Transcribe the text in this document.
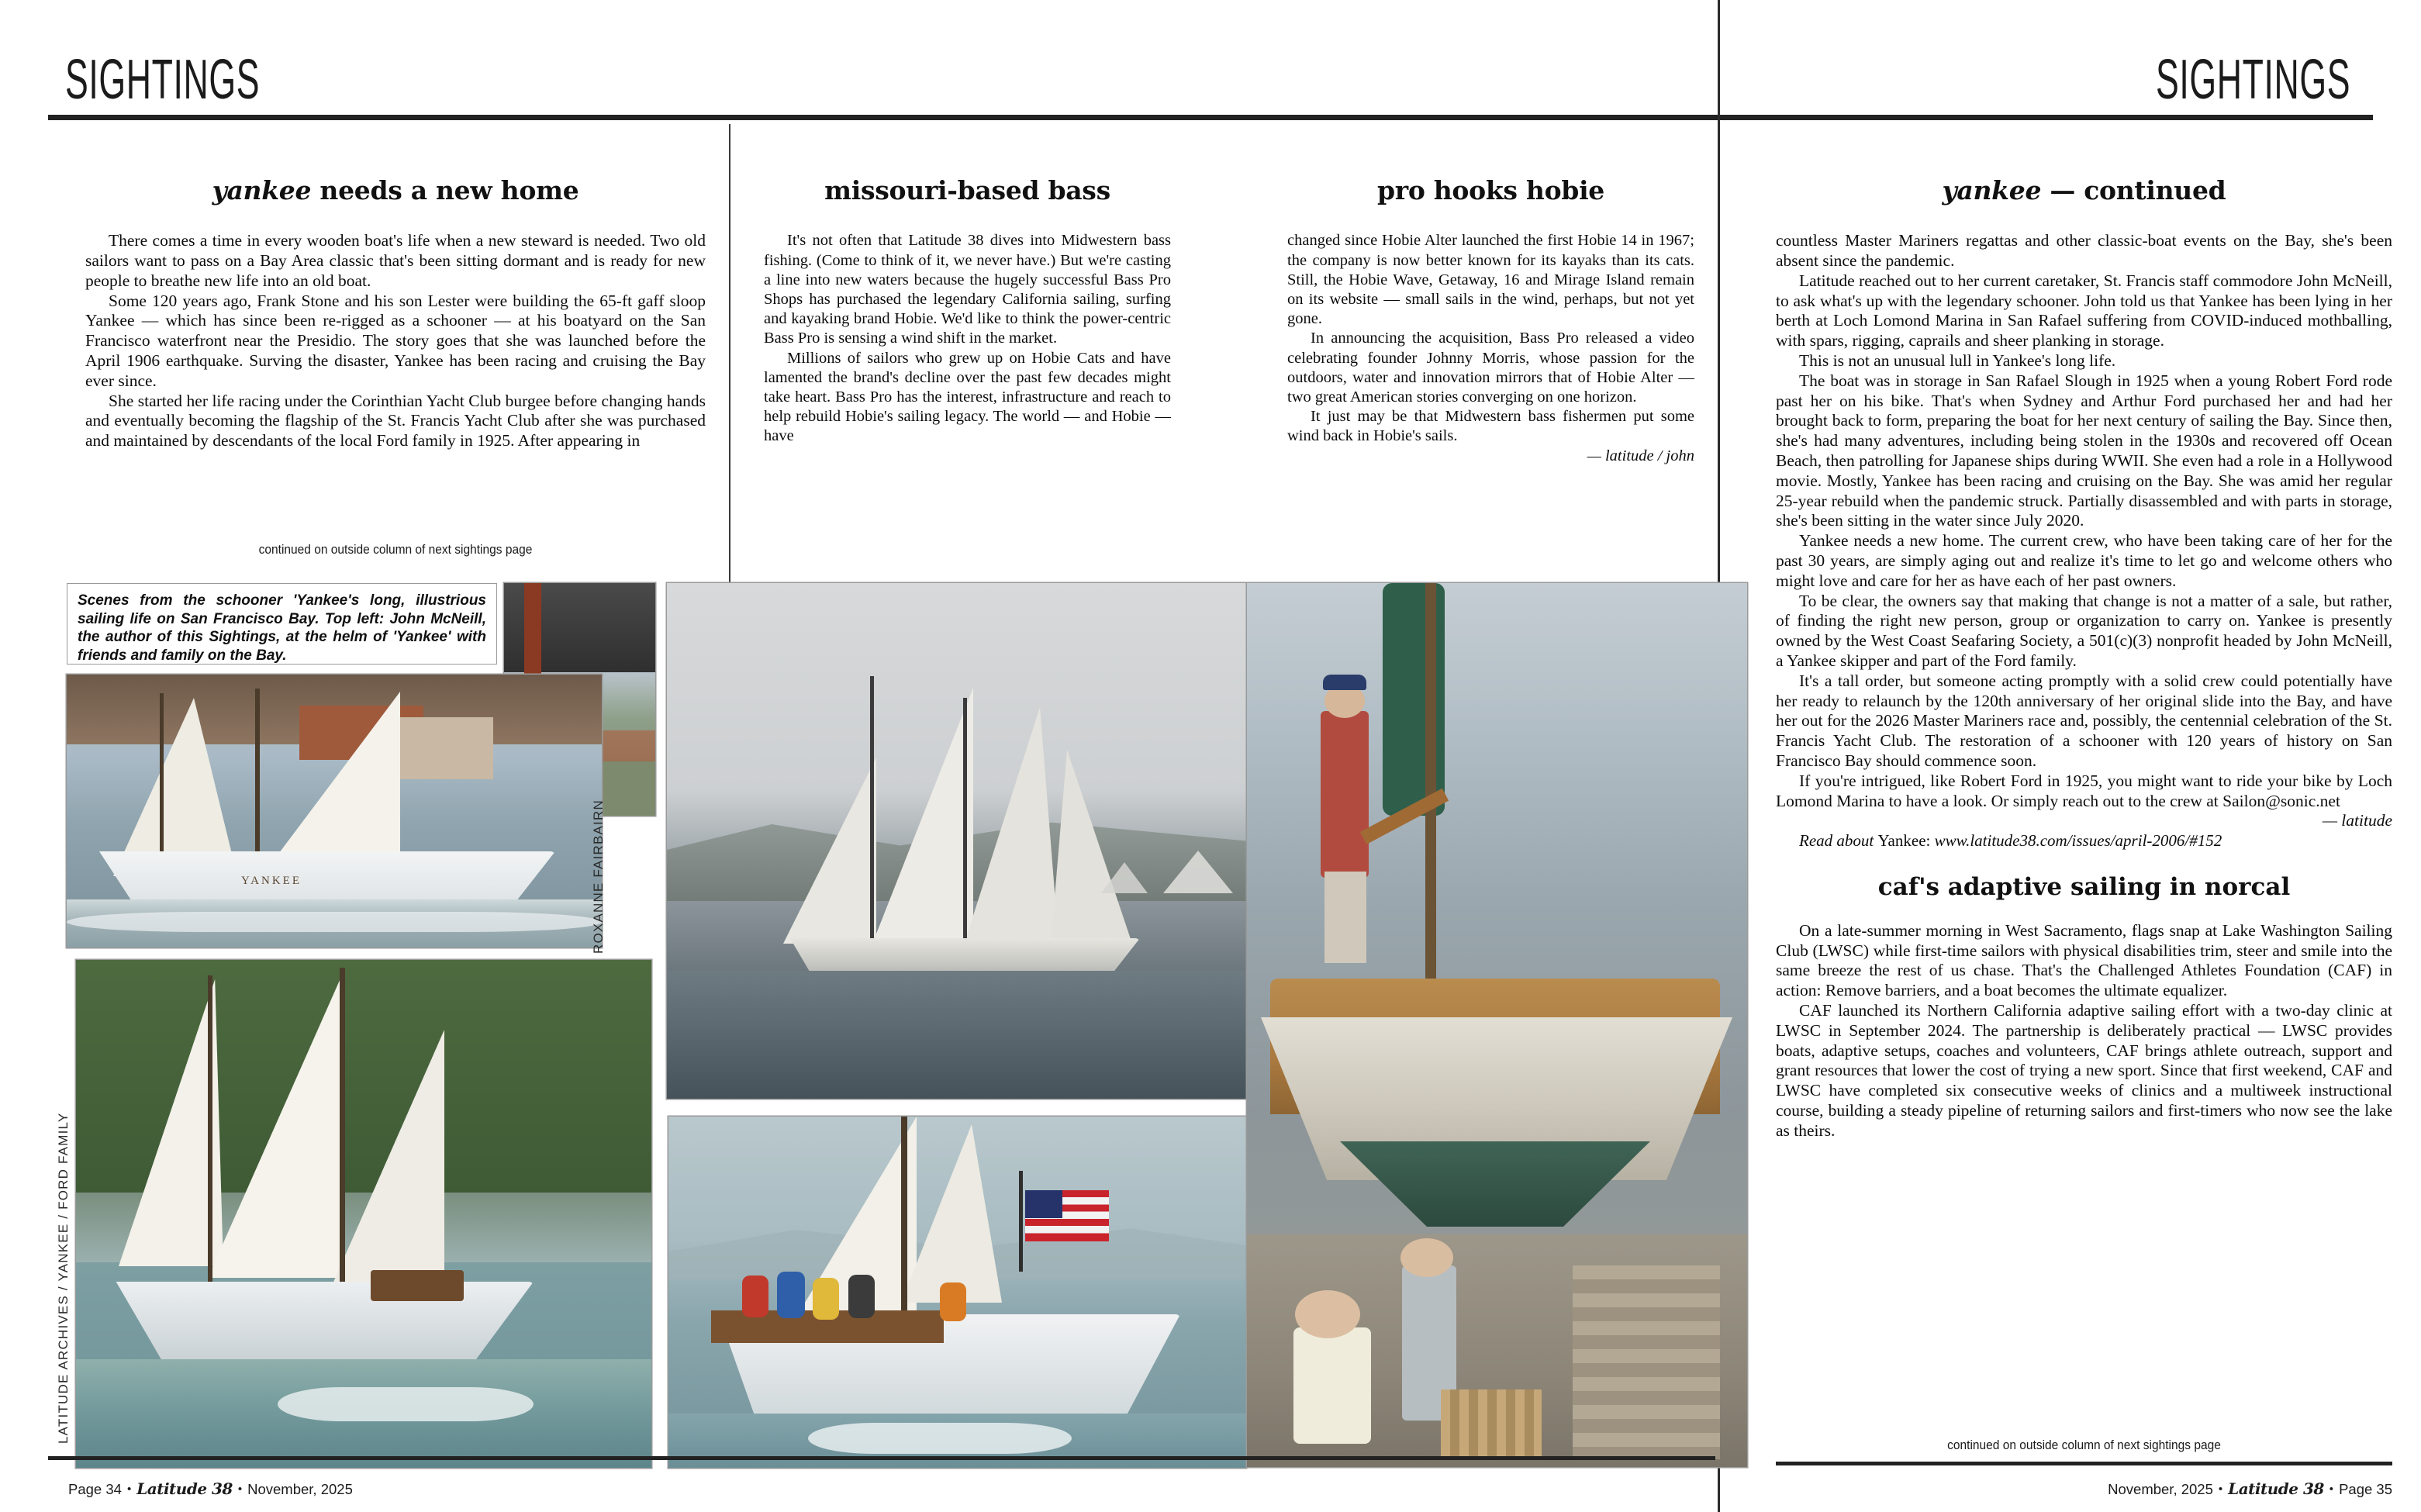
SIGHTINGS	SIGHTINGS
yankee needs a new home

There comes a time in every wooden boat's life when a new steward is needed. Two old sailors want to pass on a Bay Area classic that's been sitting dormant and is ready for new people to breathe new life into an old boat.

Some 120 years ago, Frank Stone and his son Lester were building the 65-ft gaff sloop Yankee — which has since been re-rigged as a schooner — at his boatyard on the San Francisco waterfront near the Presidio. The story goes that she was launched before the April 1906 earthquake. Surving the disaster, Yankee has been racing and cruising the Bay ever since.

She started her life racing under the Corinthian Yacht Club burgee before changing hands and eventually becoming the flagship of the St. Francis Yacht Club after she was purchased and maintained by descendants of the local Ford family in 1925. After appearing in

continued on outside column of next sightings page
missouri-based bass

It's not often that Latitude 38 dives into Midwestern bass fishing. (Come to think of it, we never have.) But we're casting a line into new waters because the hugely successful Bass Pro Shops has purchased the legendary California sailing, surfing and kayaking brand Hobie. We'd like to think the power-centric Bass Pro is sensing a wind shift in the market.

Millions of sailors who grew up on Hobie Cats and have lamented the brand's decline over the past few decades might take heart. Bass Pro has the interest, infrastructure and reach to help rebuild Hobie's sailing legacy. The world — and Hobie — have

pro hooks hobie

changed since Hobie Alter launched the first Hobie 14 in 1967; the company is now better known for its kayaks than its cats. Still, the Hobie Wave, Getaway, 16 and Mirage Island remain on its website — small sails in the wind, perhaps, but not yet gone.

In announcing the acquisition, Bass Pro released a video celebrating founder Johnny Morris, whose passion for the outdoors, water and innovation mirrors that of Hobie Alter — two great American stories converging on one horizon.

It just may be that Midwestern bass fishermen put some wind back in Hobie's sails.

— latitude / john

yankee — continued

countless Master Mariners regattas and other classic-boat events on the Bay, she's been absent since the pandemic.

Latitude reached out to her current caretaker, St. Francis staff commodore John McNeill, to ask what's up with the legendary schooner. John told us that Yankee has been lying in her berth at Loch Lomond Marina in San Rafael suffering from COVID-induced mothballing, with spars, rigging, caprails and sheer planking in storage.

This is not an unusual lull in Yankee's long life.

The boat was in storage in San Rafael Slough in 1925 when a young Robert Ford rode past her on his bike. That's when Sydney and Arthur Ford purchased her and had her brought back to form, preparing the boat for her next century of sailing the Bay. Since then, she's had many adventures, including being stolen in the 1930s and recovered off Ocean Beach, then patrolling for Japanese ships during WWII. She even had a role in a Hollywood movie. Mostly, Yankee has been racing and cruising on the Bay. She was amid her regular 25-year rebuild when the pandemic struck. Partially disassembled and with parts in storage, she's been sitting in the water since July 2020.

Yankee needs a new home. The current crew, who have been taking care of her for the past 30 years, are simply aging out and realize it's time to let go and welcome others who might love and care for her as have each of her past owners.

To be clear, the owners say that making that change is not a matter of a sale, but rather, of finding the right new person, group or organization to carry on. Yankee is presently owned by the West Coast Seafaring Society, a 501(c)(3) nonprofit headed by John McNeill, a Yankee skipper and part of the Ford family.

It's a tall order, but someone acting promptly with a solid crew could potentially have her ready to relaunch by the 120th anniversary of her original slide into the Bay, and have her out for the 2026 Master Mariners race and, possibly, the centennial celebration of the St. Francis Yacht Club. The restoration of a schooner with 120 years of history on San Francisco Bay should commence soon.

If you're intrigued, like Robert Ford in 1925, you might want to ride your bike by Loch Lomond Marina to have a look. Or simply reach out to the crew at Sailon@sonic.net

— latitude

Read about Yankee: www.latitude38.com/issues/april-2006/#152

caf's adaptive sailing in norcal

On a late-summer morning in West Sacramento, flags snap at Lake Washington Sailing Club (LWSC) while first-time sailors with physical disabilities trim, steer and smile into the same breeze the rest of us chase. That's the Challenged Athletes Foundation (CAF) in action: Remove barriers, and a boat becomes the ultimate equalizer.

CAF launched its Northern California adaptive sailing effort with a two-day clinic at LWSC in September 2024. The partnership is deliberately practical — LWSC provides boats, adaptive setups, coaches and volunteers, CAF brings athlete outreach, support and grant resources that lower the cost of trying a new sport. Since that first weekend, CAF and LWSC have completed six consecutive weeks of clinics and a multiweek instructional course, building a steady pipeline of returning sailors and first-timers who now see the lake as theirs.

continued on outside column of next sightings page
YANKEE
Scenes from the schooner 'Yankee's long, illustrious sailing life on San Francisco Bay. Top left: John McNeill, the author of this Sightings, at the helm of 'Yankee' with friends and family on the Bay.
ROXANNE FAIRBAIRN
LATITUDE ARCHIVES / YANKEE / FORD FAMILY
Page 34 • Latitude 38 • November, 2025	November, 2025 • Latitude 38 • Page 35
